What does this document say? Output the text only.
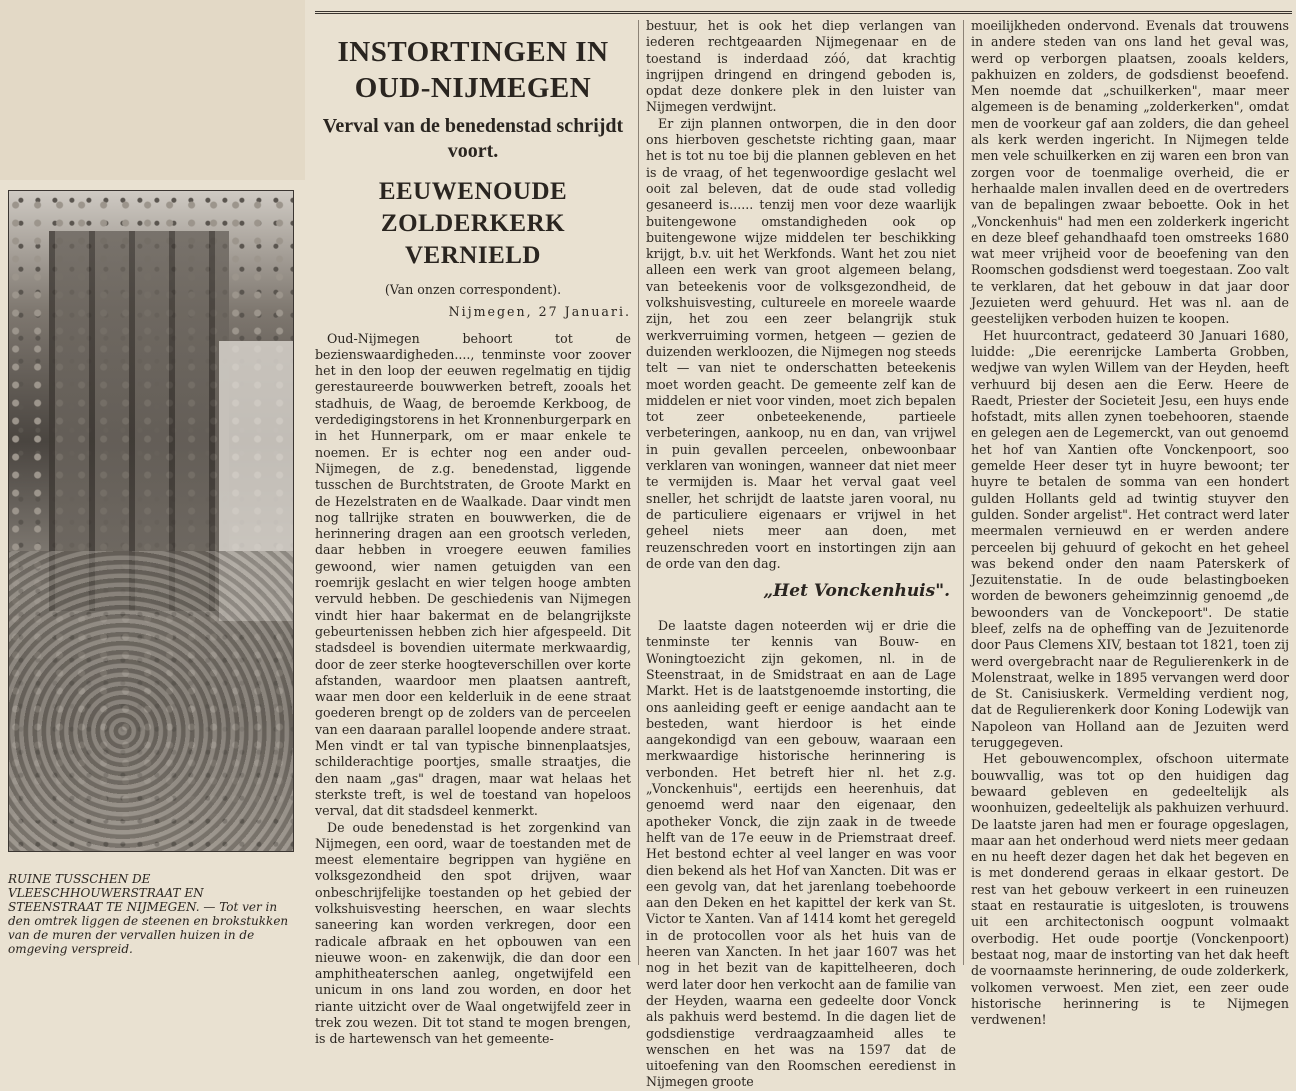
RUINE TUSSCHEN DE VLEESCHHOUWERSTRAAT EN STEENSTRAAT TE NIJMEGEN. — Tot ver in den omtrek liggen de steenen en brokstukken van de muren der vervallen huizen in de omgeving verspreid.
INSTORTINGEN IN OUD-NIJMEGEN
Verval van de benedenstad schrijdt voort.
EEUWENOUDE ZOLDERKERK VERNIELD
(Van onzen correspondent).
Nijmegen, 27 Januari.

Oud-Nijmegen behoort tot de bezienswaardigheden...., tenminste voor zoover het in den loop der eeuwen regelmatig en tijdig gerestaureerde bouwwerken betreft, zooals het stadhuis, de Waag, de beroemde Kerkboog, de verdedigingstorens in het Kronnenburgerpark en in het Hunnerpark, om er maar enkele te noemen. Er is echter nog een ander oud-Nijmegen, de z.g. benedenstad, liggende tusschen de Burchtstraten, de Groote Markt en de Hezelstraten en de Waalkade. Daar vindt men nog tallrijke straten en bouwwerken, die de herinnering dragen aan een grootsch verleden, daar hebben in vroegere eeuwen families gewoond, wier namen getuigden van een roemrijk geslacht en wier telgen hooge ambten vervuld hebben. De geschiedenis van Nijmegen vindt hier haar bakermat en de belangrijkste gebeurtenissen hebben zich hier afgespeeld. Dit stadsdeel is bovendien uitermate merkwaardig, door de zeer sterke hoogteverschillen over korte afstanden, waardoor men plaatsen aantreft, waar men door een kelderluik in de eene straat goederen brengt op de zolders van de perceelen van een daaraan parallel loopende andere straat. Men vindt er tal van typische binnenplaatsjes, schilderachtige poortjes, smalle straatjes, die den naam „gas" dragen, maar wat helaas het sterkste treft, is wel de toestand van hopeloos verval, dat dit stadsdeel kenmerkt.

De oude benedenstad is het zorgenkind van Nijmegen, een oord, waar de toestanden met de meest elementaire begrippen van hygiëne en volksgezondheid den spot drijven, waar onbeschrijfelijke toestanden op het gebied der volkshuisvesting heerschen, en waar slechts saneering kan worden verkregen, door een radicale afbraak en het opbouwen van een nieuwe woon- en zakenwijk, die dan door een amphitheaterschen aanleg, ongetwijfeld een unicum in ons land zou worden, en door het riante uitzicht over de Waal ongetwijfeld zeer in trek zou wezen. Dit tot stand te mogen brengen, is de hartewensch van het gemeente-

bestuur, het is ook het diep verlangen van iederen rechtgeaarden Nijmegenaar en de toestand is inderdaad zóó, dat krachtig ingrijpen dringend en dringend geboden is, opdat deze donkere plek in den luister van Nijmegen verdwijnt.

Er zijn plannen ontworpen, die in den door ons hierboven geschetste richting gaan, maar het is tot nu toe bij die plannen gebleven en het is de vraag, of het tegenwoordige geslacht wel ooit zal beleven, dat de oude stad volledig gesaneerd is...... tenzij men voor deze waarlijk buitengewone omstandigheden ook op buitengewone wijze middelen ter beschikking krijgt, b.v. uit het Werkfonds. Want het zou niet alleen een werk van groot algemeen belang, van beteekenis voor de volksgezondheid, de volkshuisvesting, cultureele en moreele waarde zijn, het zou een zeer belangrijk stuk werkverruiming vormen, hetgeen — gezien de duizenden werkloozen, die Nijmegen nog steeds telt — van niet te onderschatten beteekenis moet worden geacht. De gemeente zelf kan de middelen er niet voor vinden, moet zich bepalen tot zeer onbeteekenende, partieele verbeteringen, aankoop, nu en dan, van vrijwel in puin gevallen perceelen, onbewoonbaar verklaren van woningen, wanneer dat niet meer te vermijden is. Maar het verval gaat veel sneller, het schrijdt de laatste jaren vooral, nu de particuliere eigenaars er vrijwel in het geheel niets meer aan doen, met reuzenschreden voort en instortingen zijn aan de orde van den dag.

„Het Vonckenhuis".

De laatste dagen noteerden wij er drie die tenminste ter kennis van Bouw- en Woningtoezicht zijn gekomen, nl. in de Steenstraat, in de Smidstraat en aan de Lage Markt. Het is de laatstgenoemde instorting, die ons aanleiding geeft er eenige aandacht aan te besteden, want hierdoor is het einde aangekondigd van een gebouw, waaraan een merkwaardige historische herinnering is verbonden. Het betreft hier nl. het z.g. „Vonckenhuis", eertijds een heerenhuis, dat genoemd werd naar den eigenaar, den apotheker Vonck, die zijn zaak in de tweede helft van de 17e eeuw in de Priemstraat dreef. Het bestond echter al veel langer en was voor dien bekend als het Hof van Xancten. Dit was er een gevolg van, dat het jarenlang toebehoorde aan den Deken en het kapittel der kerk van St. Victor te Xanten. Van af 1414 komt het geregeld in de protocollen voor als het huis van de heeren van Xancten. In het jaar 1607 was het nog in het bezit van de kapittelheeren, doch werd later door hen verkocht aan de familie van der Heyden, waarna een gedeelte door Vonck als pakhuis werd bestemd. In die dagen liet de godsdienstige verdraagzaamheid alles te wenschen en het was na 1597 dat de uitoefening van den Roomschen eeredienst in Nijmegen groote

moeilijkheden ondervond. Evenals dat trouwens in andere steden van ons land het geval was, werd op verborgen plaatsen, zooals kelders, pakhuizen en zolders, de godsdienst beoefend. Men noemde dat „schuilkerken", maar meer algemeen is de benaming „zolderkerken", omdat men de voorkeur gaf aan zolders, die dan geheel als kerk werden ingericht. In Nijmegen telde men vele schuilkerken en zij waren een bron van zorgen voor de toenmalige overheid, die er herhaalde malen invallen deed en de overtreders van de bepalingen zwaar beboette. Ook in het „Vonckenhuis" had men een zolderkerk ingericht en deze bleef gehandhaafd toen omstreeks 1680 wat meer vrijheid voor de beoefening van den Roomschen godsdienst werd toegestaan. Zoo valt te verklaren, dat het gebouw in dat jaar door Jezuieten werd gehuurd. Het was nl. aan de geestelijken verboden huizen te koopen.

Het huurcontract, gedateerd 30 Januari 1680, luidde: „Die eerenrijcke Lamberta Grobben, wedjwe van wylen Willem van der Heyden, heeft verhuurd bij desen aen die Eerw. Heere de Raedt, Priester der Societeit Jesu, een huys ende hofstadt, mits allen zynen toebehooren, staende en gelegen aen de Legemerckt, van out genoemd het hof van Xantien ofte Vonckenpoort, soo gemelde Heer deser tyt in huyre bewoont; ter huyre te betalen de somma van een hondert gulden Hollants geld ad twintig stuyver den gulden. Sonder argelist". Het contract werd later meermalen vernieuwd en er werden andere perceelen bij gehuurd of gekocht en het geheel was bekend onder den naam Paterskerk of Jezuitenstatie. In de oude belastingboeken worden de bewoners geheimzinnig genoemd „de bewoonders van de Vonckepoort". De statie bleef, zelfs na de opheffing van de Jezuitenorde door Paus Clemens XIV, bestaan tot 1821, toen zij werd overgebracht naar de Regulierenkerk in de Molenstraat, welke in 1895 vervangen werd door de St. Canisiuskerk. Vermelding verdient nog, dat de Regulierenkerk door Koning Lodewijk van Napoleon van Holland aan de Jezuiten werd teruggegeven.

Het gebouwencomplex, ofschoon uitermate bouwvallig, was tot op den huidigen dag bewaard gebleven en gedeeltelijk als woonhuizen, gedeeltelijk als pakhuizen verhuurd. De laatste jaren had men er fourage opgeslagen, maar aan het onderhoud werd niets meer gedaan en nu heeft dezer dagen het dak het begeven en is met donderend geraas in elkaar gestort. De rest van het gebouw verkeert in een ruineuzen staat en restauratie is uitgesloten, is trouwens uit een architectonisch oogpunt volmaakt overbodig. Het oude poortje (Vonckenpoort) bestaat nog, maar de instorting van het dak heeft de voornaamste herinnering, de oude zolderkerk, volkomen verwoest. Men ziet, een zeer oude historische herinnering is te Nijmegen verdwenen!
